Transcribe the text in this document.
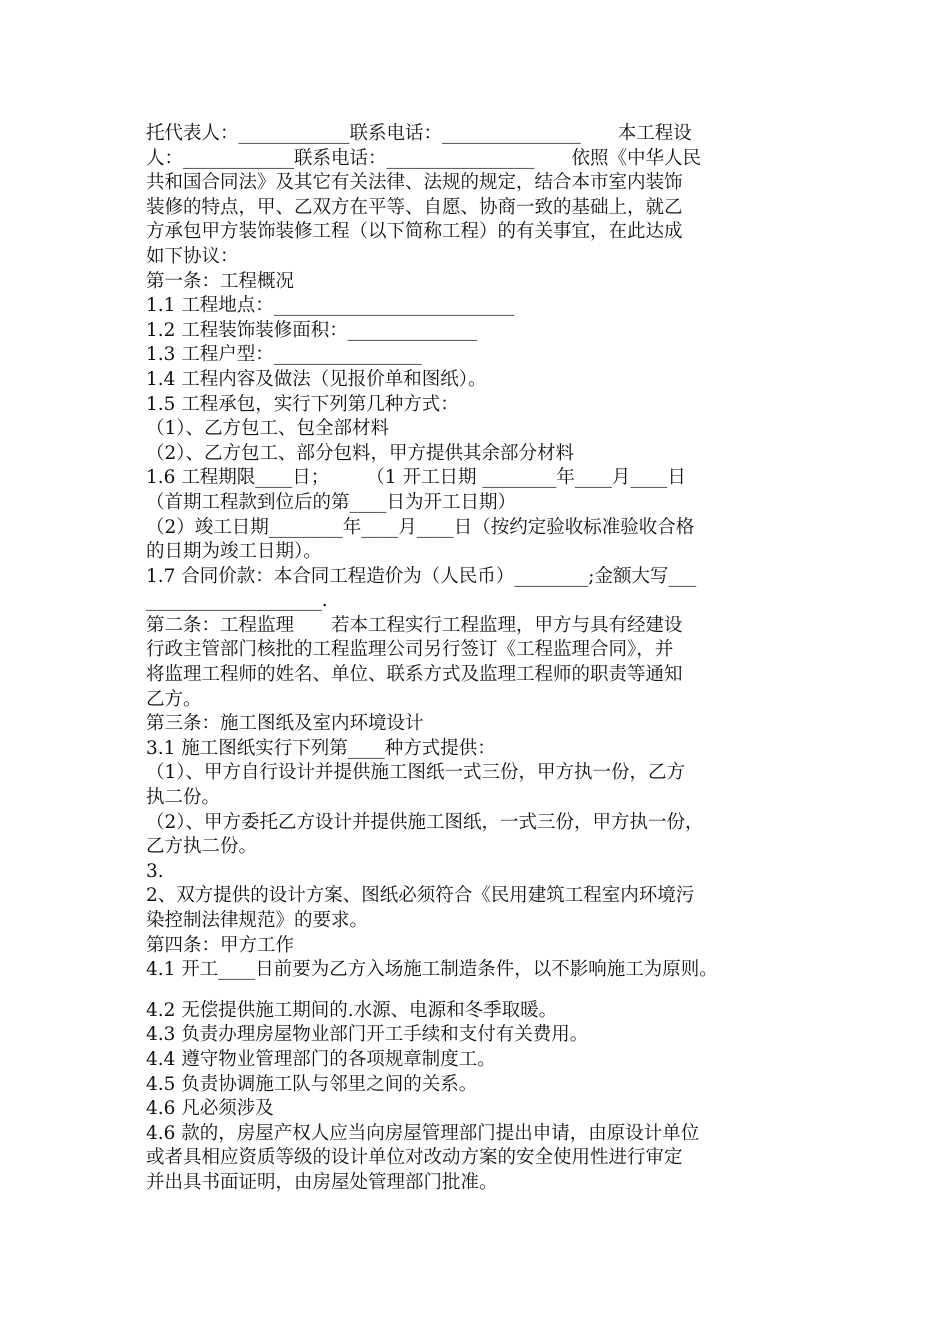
托代表人：____________联系电话：_______________　　本工程设
人：____________联系电话：________________　　依照《中华人民
共和国合同法》及其它有关法律、法规的规定，结合本市室内装饰
装修的特点，甲、乙双方在平等、自愿、协商一致的基础上，就乙
方承包甲方装饰装修工程（以下简称工程）的有关事宜，在此达成
如下协议：
第一条：工程概况
1.1 工程地点：__________________________
1.2 工程装饰装修面积：______________
1.3 工程户型：________________
1.4 工程内容及做法（见报价单和图纸）。
1.5 工程承包，实行下列第几种方式：
（1）、乙方包工、包全部材料
（2）、乙方包工、部分包料，甲方提供其余部分材料
1.6 工程期限____日；　　　（1 开工日期 ________年____月____日
（首期工程款到位后的第____日为开工日期）
（2）竣工日期________年____月____日（按约定验收标准验收合格
的日期为竣工日期）。
1.7 合同价款：本合同工程造价为（人民币）________;金额大写___
___________________.
第二条：工程监理　　若本工程实行工程监理，甲方与具有经建设
行政主管部门核批的工程监理公司另行签订《工程监理合同》，并
将监理工程师的姓名、单位、联系方式及监理工程师的职责等通知
乙方。
第三条：施工图纸及室内环境设计
3.1 施工图纸实行下列第____种方式提供：
（1）、甲方自行设计并提供施工图纸一式三份，甲方执一份，乙方
执二份。
（2）、甲方委托乙方设计并提供施工图纸，一式三份，甲方执一份，
乙方执二份。
3.
2、双方提供的设计方案、图纸必须符合《民用建筑工程室内环境污
染控制法律规范》的要求。
第四条：甲方工作
4.1 开工____日前要为乙方入场施工制造条件，以不影响施工为原则。
4.2 无偿提供施工期间的.水源、电源和冬季取暖。
4.3 负责办理房屋物业部门开工手续和支付有关费用。
4.4 遵守物业管理部门的各项规章制度工。
4.5 负责协调施工队与邻里之间的关系。
4.6 凡必须涉及
4.6 款的，房屋产权人应当向房屋管理部门提出申请，由原设计单位
或者具相应资质等级的设计单位对改动方案的安全使用性进行审定
并出具书面证明，由房屋处管理部门批准。
